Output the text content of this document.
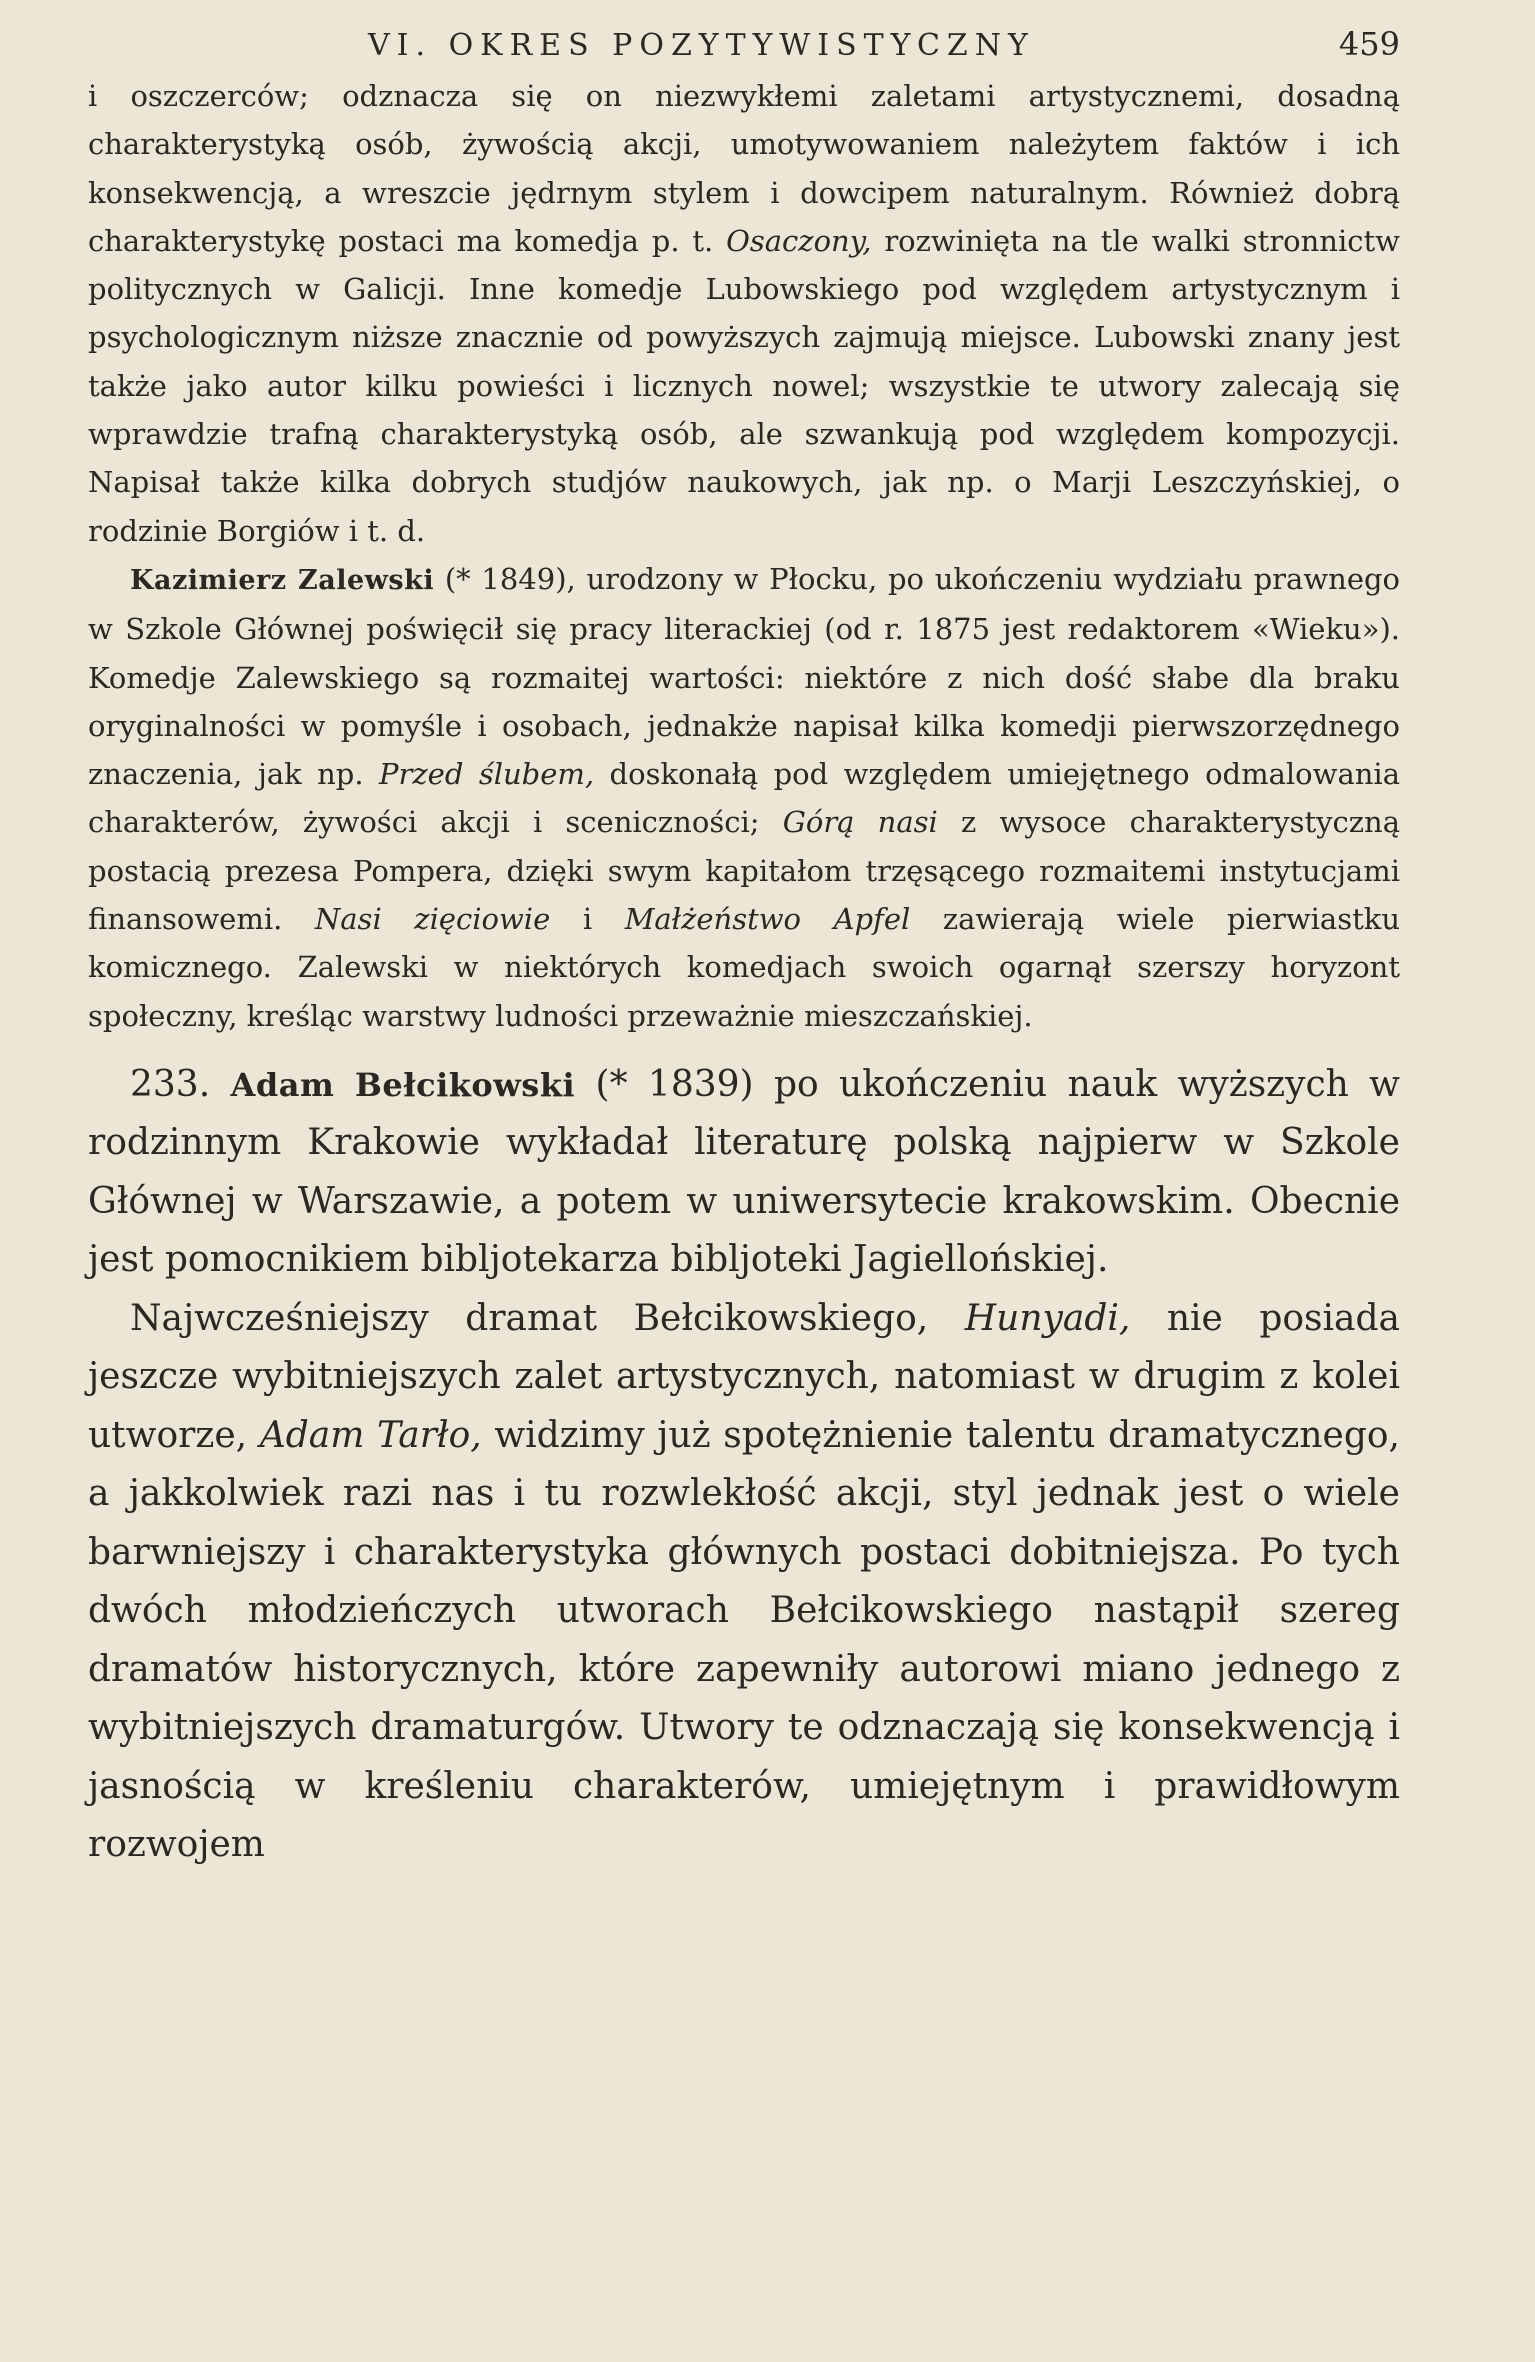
VI. OKRES POZYTYWISTYCZNY	459

i oszczerców; odznacza się on niezwykłemi zaletami artystycznemi, dosadną charakterystyką osób, żywością akcji, umotywowaniem należytem faktów i ich konsekwencją, a wreszcie jędrnym stylem i dowcipem naturalnym. Również dobrą charakterystykę postaci ma komedja p. t. Osaczony, rozwinięta na tle walki stronnictw politycznych w Galicji. Inne komedje Lubowskiego pod względem artystycznym i psychologicznym niższe znacznie od powyższych zajmują miejsce. Lubowski znany jest także jako autor kilku powieści i licznych nowel; wszystkie te utwory zalecają się wprawdzie trafną charakterystyką osób, ale szwankują pod względem kompozycji. Napisał także kilka dobrych studjów naukowych, jak np. o Marji Leszczyńskiej, o rodzinie Borgiów i t. d.

Kazimierz Zalewski (* 1849), urodzony w Płocku, po ukończeniu wydziału prawnego w Szkole Głównej poświęcił się pracy literackiej (od r. 1875 jest redaktorem «Wieku»). Komedje Zalewskiego są rozmaitej wartości: niektóre z nich dość słabe dla braku oryginalności w pomyśle i osobach, jednakże napisał kilka komedji pierwszorzędnego znaczenia, jak np. Przed ślubem, doskonałą pod względem umiejętnego odmalowania charakterów, żywości akcji i sceniczności; Górą nasi z wysoce charakterystyczną postacią prezesa Pompera, dzięki swym kapitałom trzęsącego rozmaitemi instytucjami finansowemi. Nasi zięciowie i Małżeństwo Apfel zawierają wiele pierwiastku komicznego. Zalewski w niektórych komedjach swoich ogarnął szerszy horyzont społeczny, kreśląc warstwy ludności przeważnie mieszczańskiej.

233. Adam Bełcikowski (* 1839) po ukończeniu nauk wyższych w rodzinnym Krakowie wykładał literaturę polską najpierw w Szkole Głównej w Warszawie, a potem w uniwersytecie krakowskim. Obecnie jest pomocnikiem bibljotekarza bibljoteki Jagiellońskiej.

Najwcześniejszy dramat Bełcikowskiego, Hunyadi, nie posiada jeszcze wybitniejszych zalet artystycznych, natomiast w drugim z kolei utworze, Adam Tarło, widzimy już spotężnienie talentu dramatycznego, a jakkolwiek razi nas i tu rozwlekłość akcji, styl jednak jest o wiele barwniejszy i charakterystyka głównych postaci dobitniejsza. Po tych dwóch młodzieńczych utworach Bełcikowskiego nastąpił szereg dramatów historycznych, które zapewniły autorowi miano jednego z wybitniejszych dramaturgów. Utwory te odznaczają się konsekwencją i jasnością w kreśleniu charakterów, umiejętnym i prawidłowym rozwojem
